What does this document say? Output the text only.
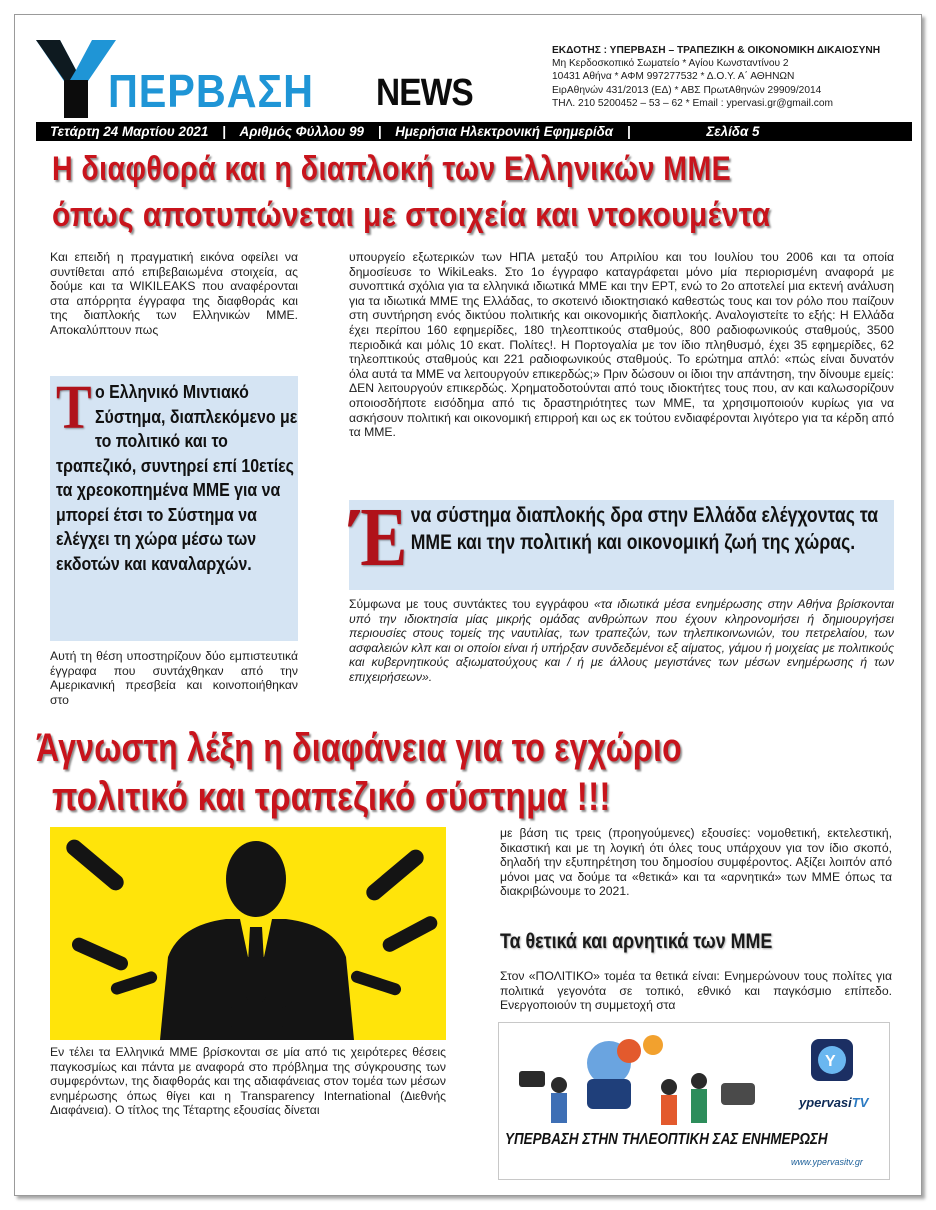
ΠΕΡΒΑΣΗ NEWS
ΕΚΔΟΤΗΣ : ΥΠΕΡΒΑΣΗ – ΤΡΑΠΕΖΙΚΗ & ΟΙΚΟΝΟΜΙΚΗ ΔΙΚΑΙΟΣΥΝΗ
Μη Κερδοσκοπικό Σωματείο * Αγίου Κωνσταντίνου 2
10431 Αθήνα * ΑΦΜ 997277532 * Δ.Ο.Υ. Α΄ ΑΘΗΝΩΝ
ΕιρΑθηνών 431/2013 (ΕΔ) * ΑΒΣ ΠρωτΑθηνών 29909/2014
ΤΗΛ. 210 5200452 – 53 – 62 * Email : ypervasi.gr@gmail.com
Τετάρτη 24 Μαρτίου 2021 | Αριθμός Φύλλου 99 | Ημερήσια Ηλεκτρονική Εφημερίδα |	Σελίδα 5
Η διαφθορά και η διαπλοκή των Ελληνικών ΜΜΕ
όπως αποτυπώνεται με στοιχεία και ντοκουμέντα
Και επειδή η πραγματική εικόνα οφείλει να συντίθεται από επιβεβαιωμένα στοιχεία, ας δούμε και τα WIKILEAKS που αναφέρονται στα απόρρητα έγγραφα της διαφθοράς και της διαπλοκής των Ελληνικών ΜΜΕ. Αποκαλύπτουν πως
Τ ο Ελληνικό Μιντιακό Σύστημα, διαπλεκόμενο με το πολιτικό και το τραπεζικό, συντηρεί επί 10ετίες τα χρεοκοπημένα ΜΜΕ για να μπορεί έτσι το Σύστημα να ελέγχει τη χώρα μέσω των εκδοτών και καναλαρχών.
Αυτή τη θέση υποστηρίζουν δύο εμπιστευτικά έγγραφα που συντάχθηκαν από την Αμερικανική πρεσβεία και κοινοποιήθηκαν στο
υπουργείο εξωτερικών των ΗΠΑ μεταξύ του Απριλίου και του Ιουλίου του 2006 και τα οποία δημοσίευσε το WikiLeaks. Στο 1ο έγγραφο καταγράφεται μόνο μία περιορισμένη αναφορά με συνοπτικά σχόλια για τα ελληνικά ιδιωτικά ΜΜΕ και την ΕΡΤ, ενώ το 2ο αποτελεί μια εκτενή ανάλυση για τα ιδιωτικά ΜΜΕ της Ελλάδας, το σκοτεινό ιδιοκτησιακό καθεστώς τους και τον ρόλο που παίζουν στη συντήρηση ενός δικτύου πολιτικής και οικονομικής διαπλοκής. Αναλογιστείτε το εξής: Η Ελλάδα έχει περίπου 160 εφημερίδες, 180 τηλεοπτικούς σταθμούς, 800 ραδιοφωνικούς σταθμούς, 3500 περιοδικά και μόλις 10 εκατ. Πολίτες!. Η Πορτογαλία με τον ίδιο πληθυσμό, έχει 35 εφημερίδες, 62 τηλεοπτικούς σταθμούς και 221 ραδιοφωνικούς σταθμούς. Το ερώτημα απλό: «πώς είναι δυνατόν όλα αυτά τα ΜΜΕ να λειτουργούν επικερδώς;» Πριν δώσουν οι ίδιοι την απάντηση, την δίνουμε εμείς: ΔΕΝ λειτουργούν επικερδώς. Χρηματοδοτούνται από τους ιδιοκτήτες τους που, αν και καλωσορίζουν οποιοσδήποτε εισόδημα από τις δραστηριότητες των ΜΜΕ, τα χρησιμοποιούν κυρίως για να ασκήσουν πολιτική και οικονομική επιρροή και ως εκ τούτου ενδιαφέρονται λιγότερο για τα κέρδη από τα ΜΜΕ.
Έ να σύστημα διαπλοκής δρα στην Ελλάδα ελέγχοντας τα ΜΜΕ και την πολιτική και οικονομική ζωή της χώρας.
Σύμφωνα με τους συντάκτες του εγγράφου «τα ιδιωτικά μέσα ενημέρωσης στην Αθήνα βρίσκονται υπό την ιδιοκτησία μίας μικρής ομάδας ανθρώπων που έχουν κληρονομήσει ή δημιουργήσει περιουσίες στους τομείς της ναυτιλίας, των τραπεζών, των τηλεπικοινωνιών, του πετρελαίου, των ασφαλειών κλπ και οι οποίοι είναι ή υπήρξαν συνδεδεμένοι εξ αίματος, γάμου ή μοιχείας με πολιτικούς και κυβερνητικούς αξιωματούχους και / ή με άλλους μεγιστάνες των μέσων ενημέρωσης ή των επιχειρήσεων».
Άγνωστη λέξη η διαφάνεια για το εγχώριο
πολιτικό και τραπεζικό σύστημα !!!
Εν τέλει τα Ελληνικά ΜΜΕ βρίσκονται σε μία από τις χειρότερες θέσεις παγκοσμίως και πάντα με αναφορά στο πρόβλημα της σύγκρουσης των συμφερόντων, της διαφθοράς και της αδιαφάνειας στον τομέα των μέσων ενημέρωσης όπως θίγει και η Transparency International (Διεθνής Διαφάνεια). Ο τίτλος της Τέταρτης εξουσίας δίνεται
με βάση τις τρεις (προηγούμενες) εξουσίες: νομοθετική, εκτελεστική, δικαστική και με τη λογική ότι όλες τους υπάρχουν για τον ίδιο σκοπό, δηλαδή την εξυπηρέτηση του δημοσίου συμφέροντος. Αξίζει λοιπόν από μόνοι μας να δούμε τα «θετικά» και τα «αρνητικά» των ΜΜΕ όπως τα διακριβώνουμε το 2021.
Τα θετικά και αρνητικά των ΜΜΕ
Στον «ΠΟΛΙΤΙΚΟ» τομέα τα θετικά είναι: Ενημερώνουν τους πολίτες για πολιτικά γεγονότα σε τοπικό, εθνικό και παγκόσμιο επίπεδο. Ενεργοποιούν τη συμμετοχή στα
Y
ypervasiTV
ΥΠΕΡΒΑΣΗ ΣΤΗΝ ΤΗΛΕΟΠΤΙΚΗ ΣΑΣ ΕΝΗΜΕΡΩΣΗ
www.ypervasitv.gr
